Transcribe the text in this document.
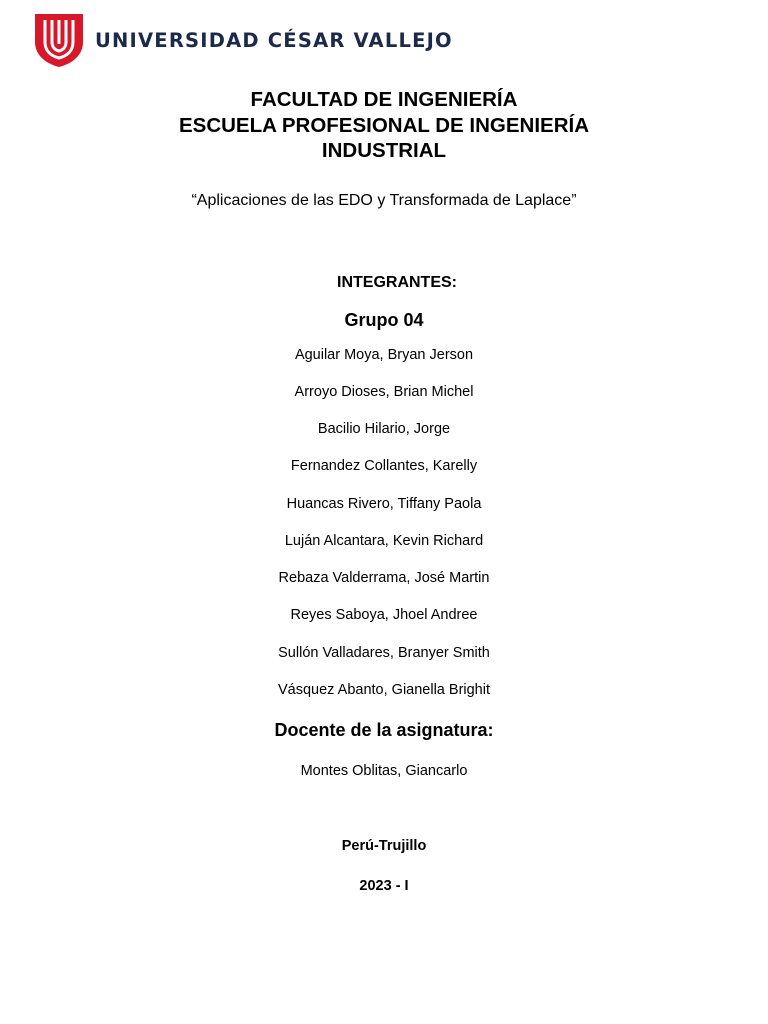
UNIVERSIDAD CÉSAR VALLEJO
FACULTAD DE INGENIERÍA
ESCUELA PROFESIONAL DE INGENIERÍA
INDUSTRIAL
“Aplicaciones de las EDO y Transformada de Laplace”
INTEGRANTES:
Grupo 04
Aguilar Moya, Bryan Jerson
Arroyo Dioses, Brian Michel
Bacilio Hilario, Jorge
Fernandez Collantes, Karelly
Huancas Rivero, Tiffany Paola
Luján Alcantara, Kevin Richard
Rebaza Valderrama, José Martin
Reyes Saboya, Jhoel Andree
Sullón Valladares, Branyer Smith
Vásquez Abanto, Gianella Brighit
Docente de la asignatura:
Montes Oblitas, Giancarlo
Perú-Trujillo
2023 - I
